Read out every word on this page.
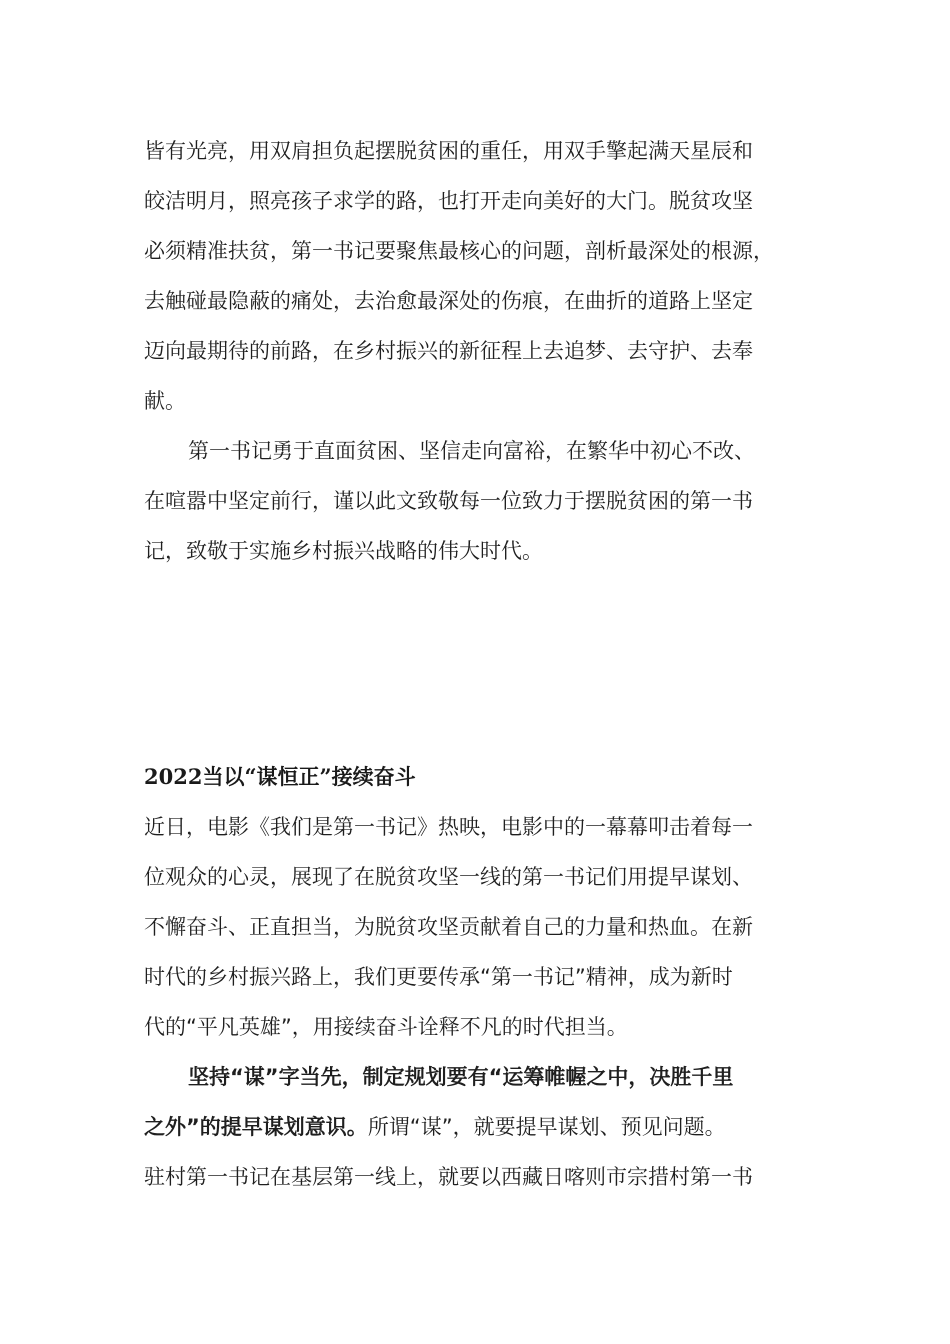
皆有光亮，用双肩担负起摆脱贫困的重任，用双手擎起满天星辰和
皎洁明月，照亮孩子求学的路，也打开走向美好的大门。脱贫攻坚
必须精准扶贫，第一书记要聚焦最核心的问题，剖析最深处的根源，
去触碰最隐蔽的痛处，去治愈最深处的伤痕，在曲折的道路上坚定
迈向最期待的前路，在乡村振兴的新征程上去追梦、去守护、去奉
献。
第一书记勇于直面贫困、坚信走向富裕，在繁华中初心不改、
在喧嚣中坚定前行，谨以此文致敬每一位致力于摆脱贫困的第一书
记，致敬于实施乡村振兴战略的伟大时代。
2022当以“谋恒正”接续奋斗
近日，电影《我们是第一书记》热映，电影中的一幕幕叩击着每一
位观众的心灵，展现了在脱贫攻坚一线的第一书记们用提早谋划、
不懈奋斗、正直担当，为脱贫攻坚贡献着自己的力量和热血。在新
时代的乡村振兴路上，我们更要传承“第一书记”精神，成为新时
代的“平凡英雄”，用接续奋斗诠释不凡的时代担当。
坚持“谋”字当先，制定规划要有“运筹帷幄之中，决胜千里
之外”的提早谋划意识。所谓“谋”，就要提早谋划、预见问题。
驻村第一书记在基层第一线上，就要以西藏日喀则市宗措村第一书
